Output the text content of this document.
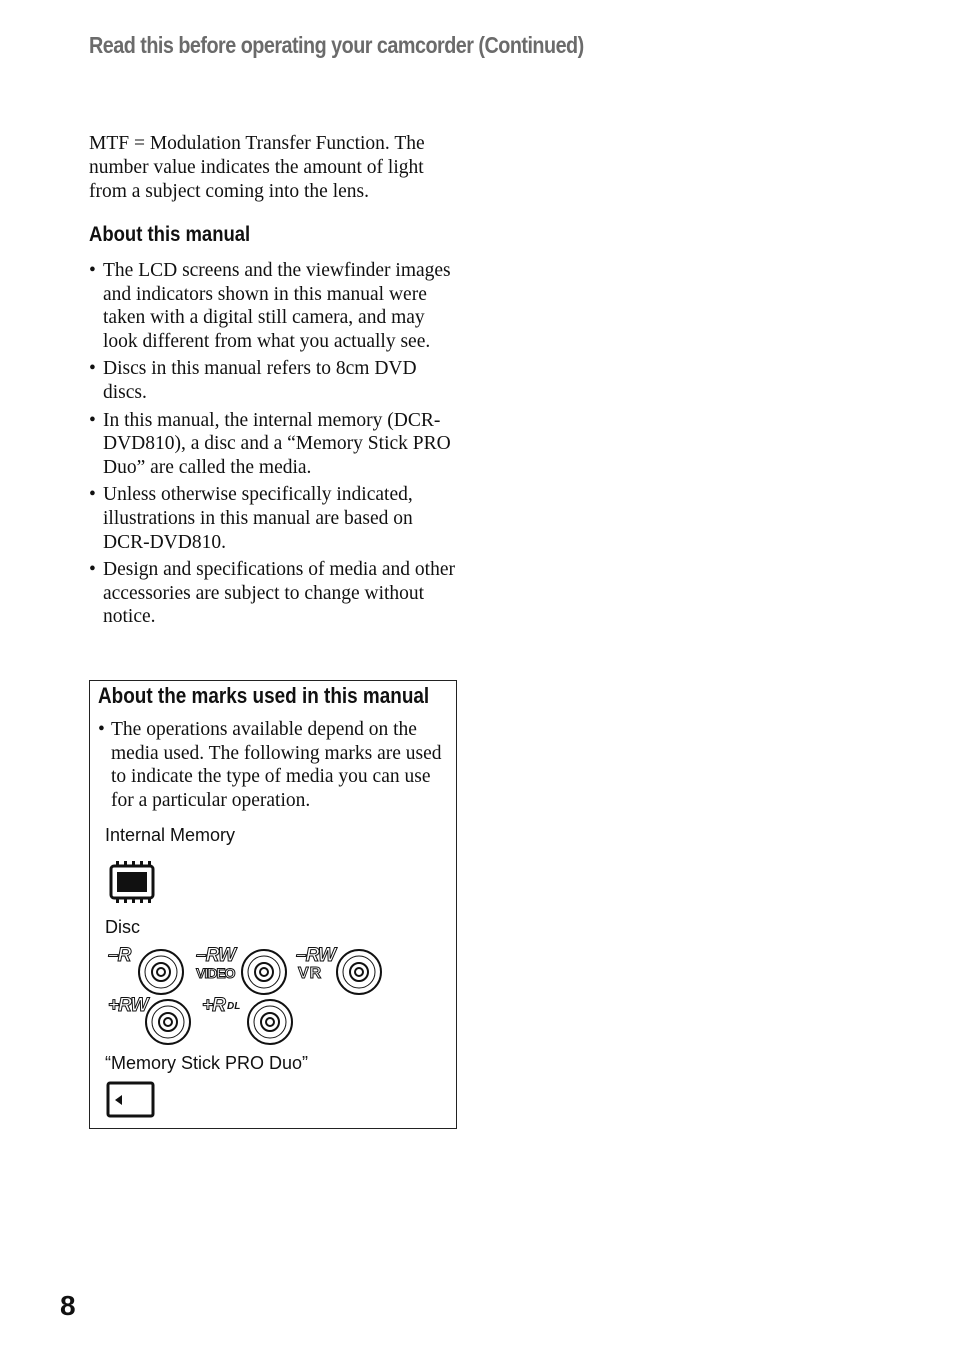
Read this before operating your camcorder (Continued)
MTF = Modulation Transfer Function. The number value indicates the amount of light from a subject coming into the lens.
About this manual
• The LCD screens and the viewfinder images and indicators shown in this manual were taken with a digital still camera, and may look different from what you actually see.
• Discs in this manual refers to 8cm DVD discs.
• In this manual, the internal memory (DCR-DVD810), a disc and a “Memory Stick PRO Duo” are called the media.
• Unless otherwise specifically indicated, illustrations in this manual are based on DCR-DVD810.
• Design and specifications of media and other accessories are subject to change without notice.
About the marks used in this manual
• The operations available depend on the media used. The following marks are used to indicate the type of media you can use for a particular operation.
Internal Memory
Disc
–R	–RW
VIDEO
–RW
VR
+RW	+R DL
“Memory Stick PRO Duo”
8
